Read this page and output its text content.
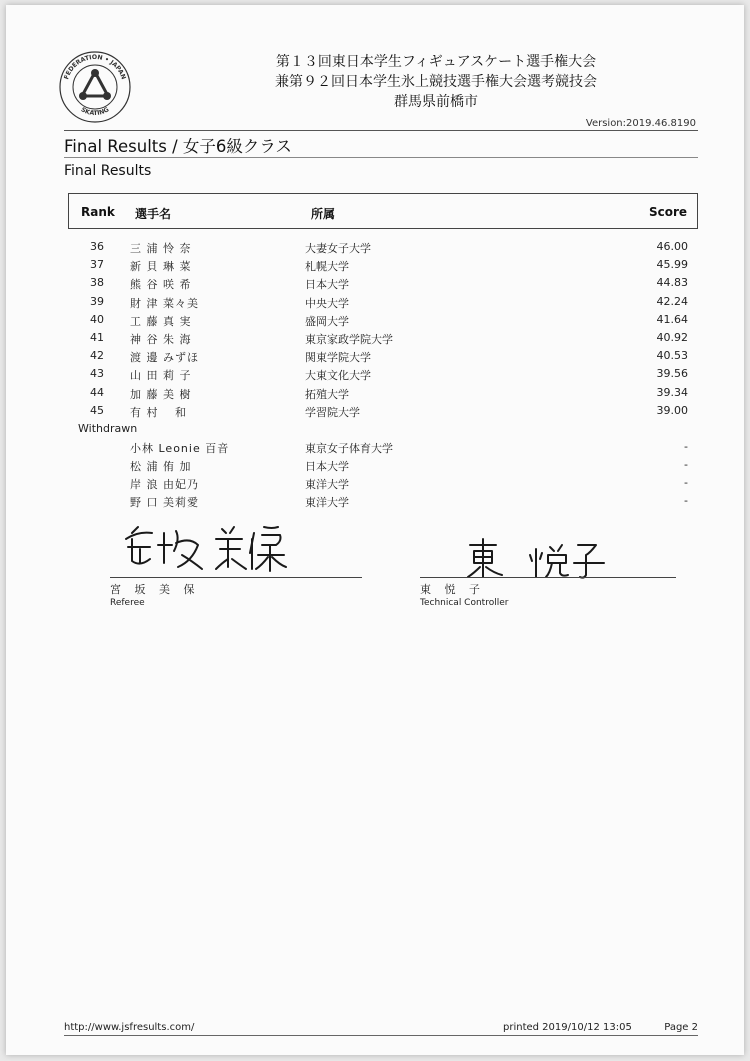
FEDERATION • JAPAN
SKATING
第１３回東日本学生フィギュアスケート選手権大会
兼第９２回日本学生氷上競技選手権大会選考競技会
群馬県前橋市
Version:2019.46.8190
Final Results / 女子6級クラス
Final Results
Rank 選手名	所属	Score
36 三 浦 怜 奈	大妻女子大学	46.00
37 新 貝 琳 菜	札幌大学	45.99
38 熊 谷 咲 希	日本大学	44.83
39 財 津 菜々美	中央大学	42.24
40 工 藤 真 実	盛岡大学	41.64
41 神 谷 朱 海	東京家政学院大学	40.92
42 渡 邊 みずほ	関東学院大学	40.53
43 山 田 莉 子	大東文化大学	39.56
44 加 藤 美 樹	拓殖大学	39.34
45 有 村　 和	学習院大学	39.00
Withdrawn
小林 Leonie 百音	東京女子体育大学	-
松 浦 侑 加	日本大学	-
岸 浪 由妃乃	東洋大学	-
野 口 美莉愛	東洋大学	-
宮 坂 美 保
Referee
東 悦 子
Technical Controller
http://www.jsfresults.com/	printed 2019/10/12 13:05	Page 2
